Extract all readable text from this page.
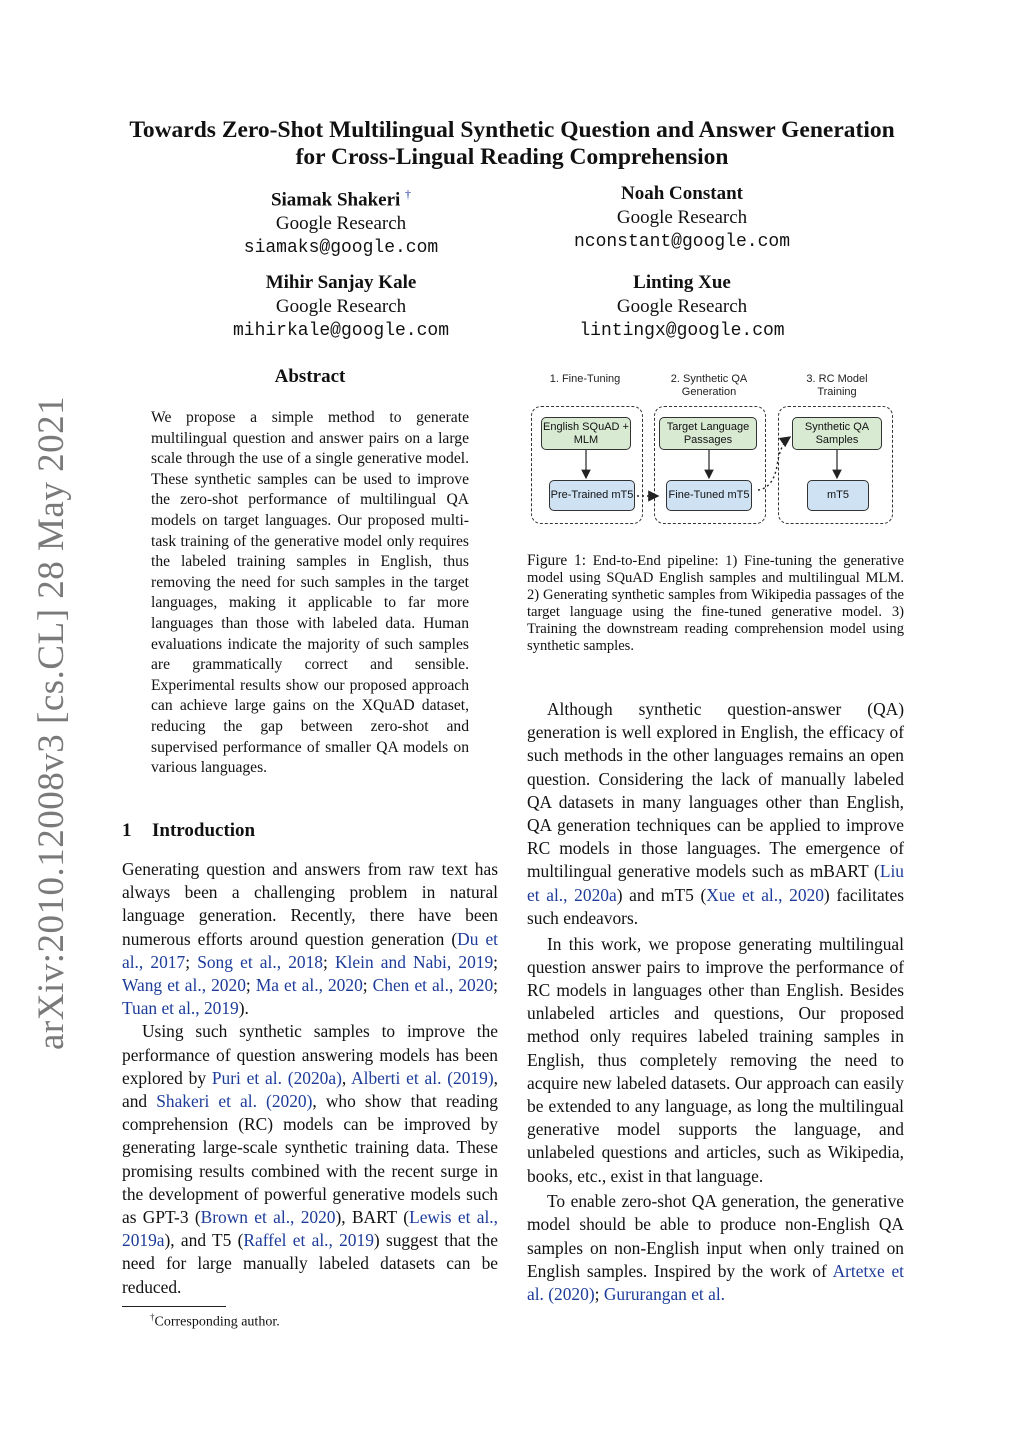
arXiv:2010.12008v3 [cs.CL] 28 May 2021
Towards Zero-Shot Multilingual Synthetic Question and Answer Generation for Cross-Lingual Reading Comprehension
Siamak Shakeri †
Google Research
siamaks@google.com
Noah Constant
Google Research
nconstant@google.com
Mihir Sanjay Kale
Google Research
mihirkale@google.com
Linting Xue
Google Research
lintingx@google.com
Abstract

We propose a simple method to generate multilingual question and answer pairs on a large scale through the use of a single generative model. These synthetic samples can be used to improve the zero-shot performance of multilingual QA models on target languages. Our proposed multi-task training of the generative model only requires the labeled training samples in English, thus removing the need for such samples in the target languages, making it applicable to far more languages than those with labeled data. Human evaluations indicate the majority of such samples are grammatically correct and sensible. Experimental results show our proposed approach can achieve large gains on the XQuAD dataset, reducing the gap between zero-shot and supervised performance of smaller QA models on various languages.

1 Introduction

Generating question and answers from raw text has always been a challenging problem in natural language generation. Recently, there have been numerous efforts around question generation (Du et al., 2017; Song et al., 2018; Klein and Nabi, 2019; Wang et al., 2020; Ma et al., 2020; Chen et al., 2020; Tuan et al., 2019).

Using such synthetic samples to improve the performance of question answering models has been explored by Puri et al. (2020a), Alberti et al. (2019), and Shakeri et al. (2020), who show that reading comprehension (RC) models can be improved by generating large-scale synthetic training data. These promising results combined with the recent surge in the development of powerful generative models such as GPT-3 (Brown et al., 2020), BART (Lewis et al., 2019a), and T5 (Raffel et al., 2019) suggest that the need for large manually labeled datasets can be reduced.

†Corresponding author.
1. Fine-Tuning	2. Synthetic QA Generation
3. RC Model Training
English SQuAD + MLM
Target Language Passages
Synthetic QA Samples
Pre-Trained mT5	Fine-Tuned mT5	mT5

Figure 1: End-to-End pipeline: 1) Fine-tuning the generative model using SQuAD English samples and multilingual MLM. 2) Generating synthetic samples from Wikipedia passages of the target language using the fine-tuned generative model. 3) Training the downstream reading comprehension model using synthetic samples.

Although synthetic question-answer (QA) generation is well explored in English, the efficacy of such methods in the other languages remains an open question. Considering the lack of manually labeled QA datasets in many languages other than English, QA generation techniques can be applied to improve RC models in those languages. The emergence of multilingual generative models such as mBART (Liu et al., 2020a) and mT5 (Xue et al., 2020) facilitates such endeavors.

In this work, we propose generating multilingual question answer pairs to improve the performance of RC models in languages other than English. Besides unlabeled articles and questions, Our proposed method only requires labeled training samples in English, thus completely removing the need to acquire new labeled datasets. Our approach can easily be extended to any language, as long the multilingual generative model supports the language, and unlabeled questions and articles, such as Wikipedia, books, etc., exist in that language.

To enable zero-shot QA generation, the generative model should be able to produce non-English QA samples on non-English input when only trained on English samples. Inspired by the work of Artetxe et al. (2020); Gururangan et al.
